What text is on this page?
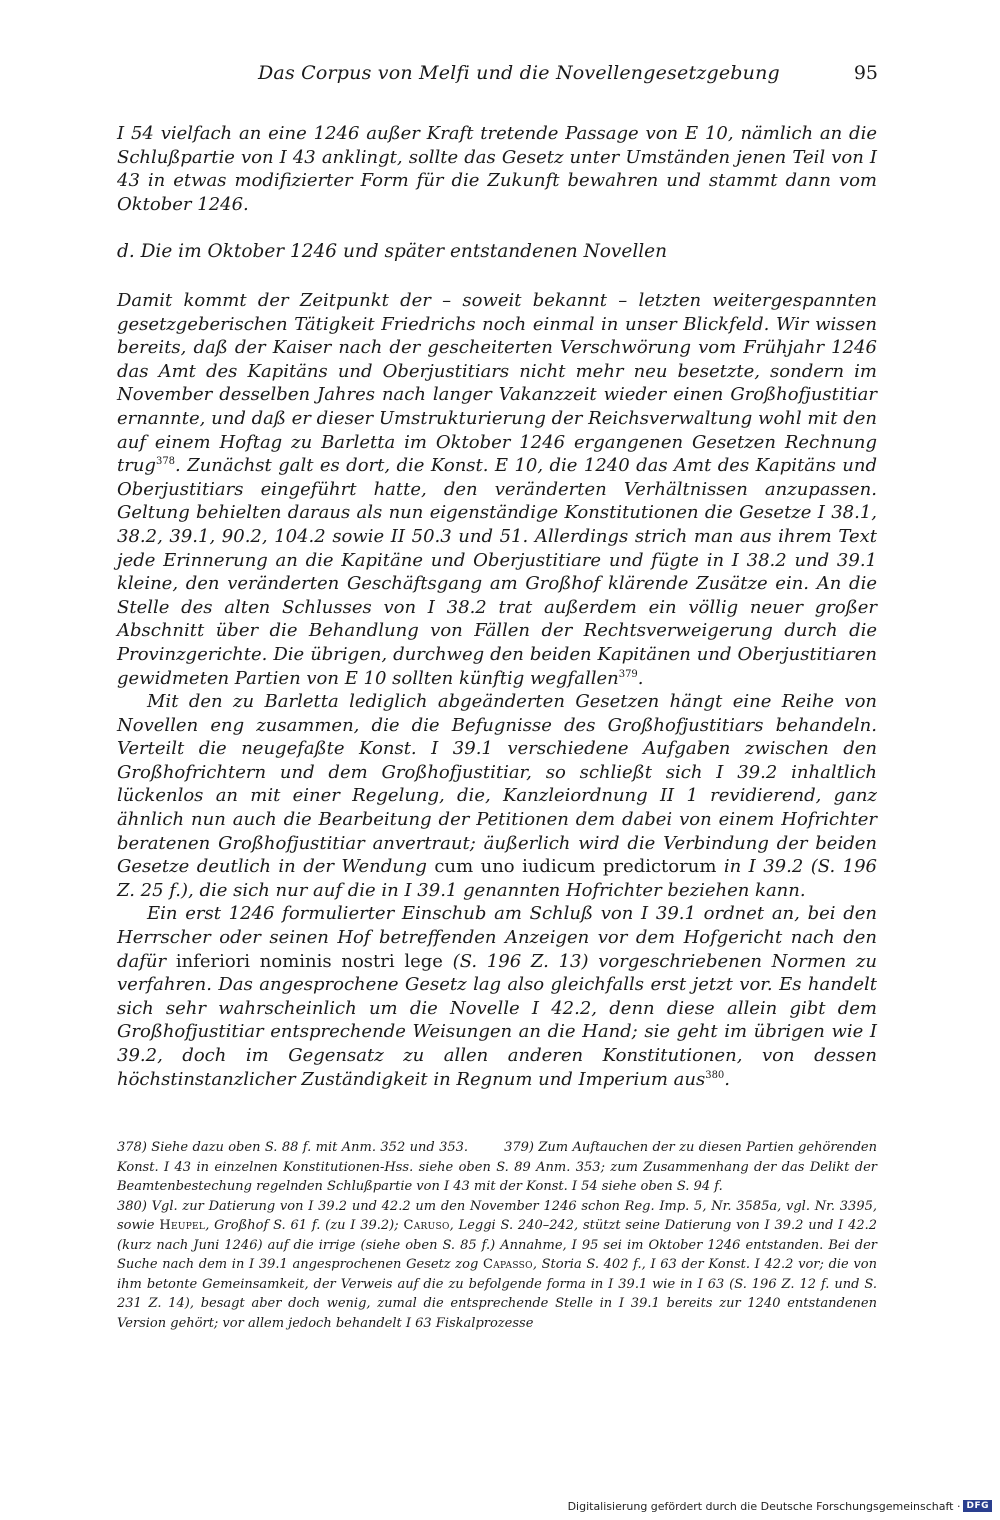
Das Corpus von Melfi und die Novellengesetzgebung	95

I 54 vielfach an eine 1246 außer Kraft tretende Passage von E 10, nämlich an die Schlußpartie von I 43 anklingt, sollte das Gesetz unter Umständen jenen Teil von I 43 in etwas modifizierter Form für die Zukunft bewahren und stammt dann vom Oktober 1246.

d. Die im Oktober 1246 und später entstandenen Novellen

Damit kommt der Zeitpunkt der – soweit bekannt – letzten weitergespannten gesetzgeberischen Tätigkeit Friedrichs noch einmal in unser Blickfeld. Wir wissen bereits, daß der Kaiser nach der gescheiterten Verschwörung vom Frühjahr 1246 das Amt des Kapitäns und Oberjustitiars nicht mehr neu besetzte, sondern im November desselben Jahres nach langer Vakanzzeit wieder einen Großhofjustitiar ernannte, und daß er dieser Umstrukturierung der Reichsverwaltung wohl mit den auf einem Hoftag zu Barletta im Oktober 1246 ergangenen Gesetzen Rechnung trug$^{378}$. Zunächst galt es dort, die Konst. E 10, die 1240 das Amt des Kapitäns und Oberjustitiars eingeführt hatte, den veränderten Verhältnissen anzupassen. Geltung behielten daraus als nun eigenständige Konstitutionen die Gesetze I 38.1, 38.2, 39.1, 90.2, 104.2 sowie II 50.3 und 51. Allerdings strich man aus ihrem Text jede Erinnerung an die Kapitäne und Oberjustitiare und fügte in I 38.2 und 39.1 kleine, den veränderten Geschäftsgang am Großhof klärende Zusätze ein. An die Stelle des alten Schlusses von I 38.2 trat außerdem ein völlig neuer großer Abschnitt über die Behandlung von Fällen der Rechtsverweigerung durch die Provinzgerichte. Die übrigen, durchweg den beiden Kapitänen und Oberjustitiaren gewidmeten Partien von E 10 sollten künftig wegfallen$^{379}$.

Mit den zu Barletta lediglich abgeänderten Gesetzen hängt eine Reihe von Novellen eng zusammen, die die Befugnisse des Großhofjustitiars behandeln. Verteilt die neugefaßte Konst. I 39.1 verschiedene Aufgaben zwischen den Großhofrichtern und dem Großhofjustitiar, so schließt sich I 39.2 inhaltlich lückenlos an mit einer Regelung, die, Kanzleiordnung II 1 revidierend, ganz ähnlich nun auch die Bearbeitung der Petitionen dem dabei von einem Hofrichter beratenen Großhofjustitiar anvertraut; äußerlich wird die Verbindung der beiden Gesetze deutlich in der Wendung cum uno iudicum predictorum in I 39.2 (S. 196 Z. 25 f.), die sich nur auf die in I 39.1 genannten Hofrichter beziehen kann.

Ein erst 1246 formulierter Einschub am Schluß von I 39.1 ordnet an, bei den Herrscher oder seinen Hof betreffenden Anzeigen vor dem Hofgericht nach den dafür inferiori nominis nostri lege (S. 196 Z. 13) vorgeschriebenen Normen zu verfahren. Das angesprochene Gesetz lag also gleichfalls erst jetzt vor. Es handelt sich sehr wahrscheinlich um die Novelle I 42.2, denn diese allein gibt dem Großhofjustitiar entsprechende Weisungen an die Hand; sie geht im übrigen wie I 39.2, doch im Gegensatz zu allen anderen Konstitutionen, von dessen höchstinstanzlicher Zuständigkeit in Regnum und Imperium aus$^{380}$.

378) Siehe dazu oben S. 88 f. mit Anm. 352 und 353.	379) Zum Auftauchen der zu diesen Partien gehörenden Konst. I 43 in einzelnen Konstitutionen-Hss. siehe oben S. 89 Anm. 353; zum Zusammenhang der das Delikt der Beamtenbestechung regelnden Schlußpartie von I 43 mit der Konst. I 54 siehe oben S. 94 f.

380) Vgl. zur Datierung von I 39.2 und 42.2 um den November 1246 schon Reg. Imp. 5, Nr. 3585a, vgl. Nr. 3395, sowie Heupel, Großhof S. 61 f. (zu I 39.2); Caruso, Leggi S. 240–242, stützt seine Datierung von I 39.2 und I 42.2 (kurz nach Juni 1246) auf die irrige (siehe oben S. 85 f.) Annahme, I 95 sei im Oktober 1246 entstanden. Bei der Suche nach dem in I 39.1 angesprochenen Gesetz zog Capasso, Storia S. 402 f., I 63 der Konst. I 42.2 vor; die von ihm betonte Gemeinsamkeit, der Verweis auf die zu befolgende forma in I 39.1 wie in I 63 (S. 196 Z. 12 f. und S. 231 Z. 14), besagt aber doch wenig, zumal die entsprechende Stelle in I 39.1 bereits zur 1240 entstandenen Version gehört; vor allem jedoch behandelt I 63 Fiskalprozesse

Digitalisierung gefördert durch die Deutsche Forschungsgemeinschaft · DFG
